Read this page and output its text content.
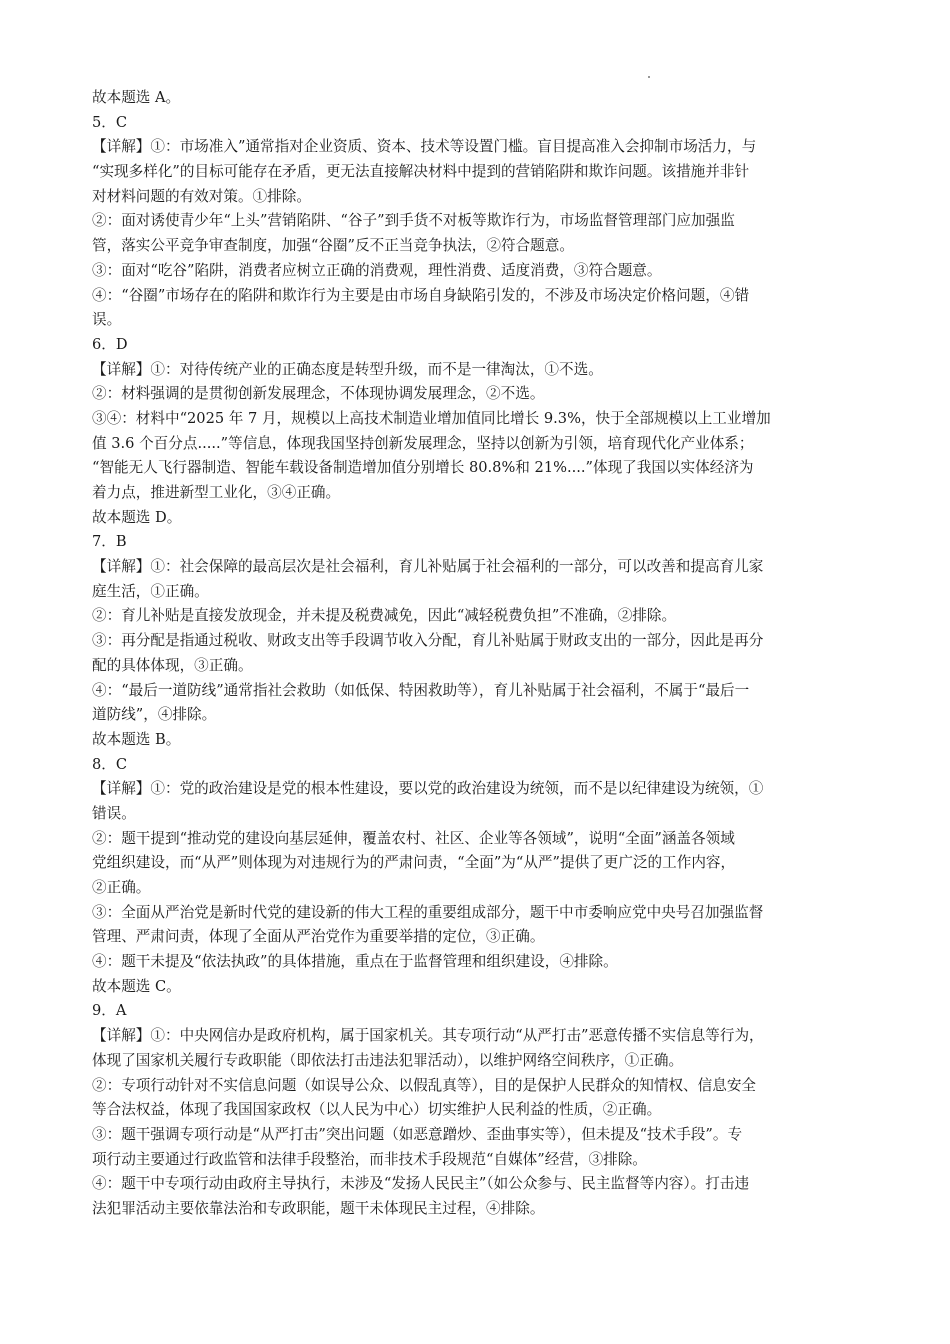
故本题选 A。
5．C
【详解】①：市场准入”通常指对企业资质、资本、技术等设置门槛。盲目提高准入会抑制市场活力，与
“实现多样化”的目标可能存在矛盾，更无法直接解决材料中提到的营销陷阱和欺诈问题。该措施并非针
对材料问题的有效对策。①排除。
②：面对诱使青少年“上头”营销陷阱、“谷子”到手货不对板等欺诈行为，市场监督管理部门应加强监
管，落实公平竞争审查制度，加强“谷圈”反不正当竞争执法，②符合题意。
③：面对“吃谷”陷阱，消费者应树立正确的消费观，理性消费、适度消费，③符合题意。
④：“谷圈”市场存在的陷阱和欺诈行为主要是由市场自身缺陷引发的，不涉及市场决定价格问题，④错
误。
6．D
【详解】①：对待传统产业的正确态度是转型升级，而不是一律淘汰，①不选。
②：材料强调的是贯彻创新发展理念，不体现协调发展理念，②不选。
③④：材料中“2025 年 7 月，规模以上高技术制造业增加值同比增长 9.3%，快于全部规模以上工业增加
值 3.6 个百分点.....”等信息，体现我国坚持创新发展理念，坚持以创新为引领，培育现代化产业体系；
“智能无人飞行器制造、智能车载设备制造增加值分别增长 80.8%和 21%....”体现了我国以实体经济为
着力点，推进新型工业化，③④正确。
故本题选 D。
7．B
【详解】①：社会保障的最高层次是社会福利，育儿补贴属于社会福利的一部分，可以改善和提高育儿家
庭生活，①正确。
②：育儿补贴是直接发放现金，并未提及税费减免，因此“减轻税费负担”不准确，②排除。
③：再分配是指通过税收、财政支出等手段调节收入分配，育儿补贴属于财政支出的一部分，因此是再分
配的具体体现，③正确。
④：“最后一道防线”通常指社会救助（如低保、特困救助等），育儿补贴属于社会福利，不属于“最后一
道防线”，④排除。
故本题选 B。
8．C
【详解】①：党的政治建设是党的根本性建设，要以党的政治建设为统领，而不是以纪律建设为统领，①
错误。
②：题干提到“推动党的建设向基层延伸，覆盖农村、社区、企业等各领域”，说明“全面”涵盖各领域
党组织建设，而“从严”则体现为对违规行为的严肃问责，“全面”为“从严”提供了更广泛的工作内容，
②正确。
③：全面从严治党是新时代党的建设新的伟大工程的重要组成部分，题干中市委响应党中央号召加强监督
管理、严肃问责，体现了全面从严治党作为重要举措的定位，③正确。
④：题干未提及“依法执政”的具体措施，重点在于监督管理和组织建设，④排除。
故本题选 C。
9．A
【详解】①：中央网信办是政府机构，属于国家机关。其专项行动“从严打击”恶意传播不实信息等行为，
体现了国家机关履行专政职能（即依法打击违法犯罪活动），以维护网络空间秩序，①正确。
②：专项行动针对不实信息问题（如误导公众、以假乱真等），目的是保护人民群众的知情权、信息安全
等合法权益，体现了我国国家政权（以人民为中心）切实维护人民利益的性质，②正确。
③：题干强调专项行动是“从严打击”突出问题（如恶意蹭炒、歪曲事实等），但未提及“技术手段”。专
项行动主要通过行政监管和法律手段整治，而非技术手段规范“自媒体”经营，③排除。
④：题干中专项行动由政府主导执行，未涉及“发扬人民民主”（如公众参与、民主监督等内容）。打击违
法犯罪活动主要依靠法治和专政职能，题干未体现民主过程，④排除。
